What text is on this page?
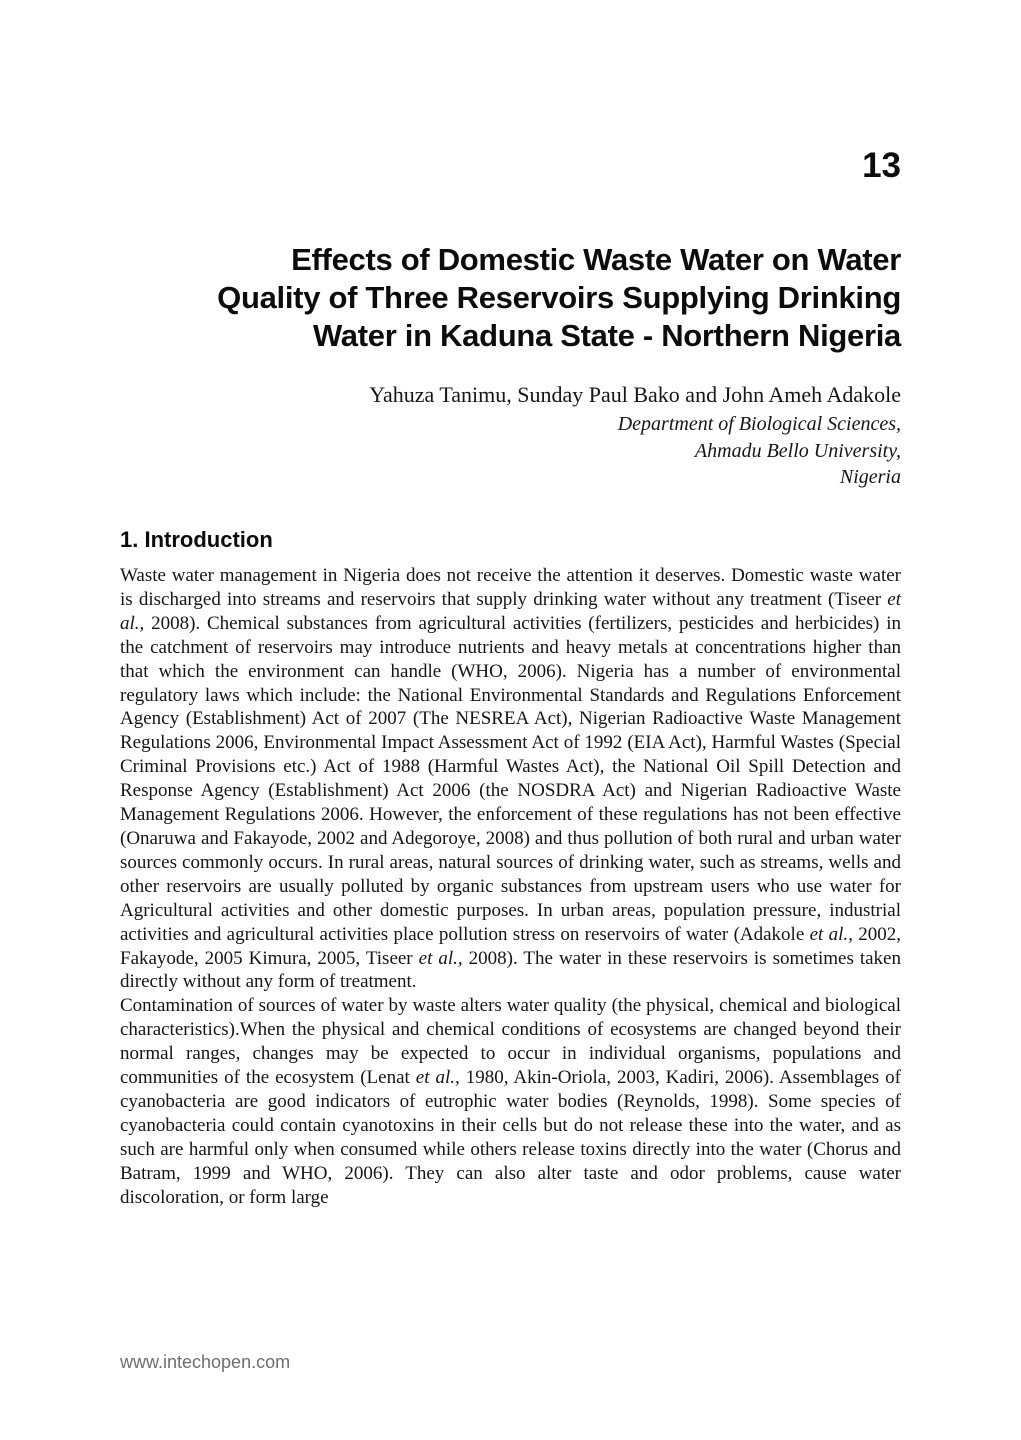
13
Effects of Domestic Waste Water on Water
Quality of Three Reservoirs Supplying Drinking
Water in Kaduna State - Northern Nigeria
Yahuza Tanimu, Sunday Paul Bako and John Ameh Adakole
Department of Biological Sciences,
Ahmadu Bello University,
Nigeria
1. Introduction

Waste water management in Nigeria does not receive the attention it deserves. Domestic waste water is discharged into streams and reservoirs that supply drinking water without any treatment (Tiseer et al., 2008). Chemical substances from agricultural activities (fertilizers, pesticides and herbicides) in the catchment of reservoirs may introduce nutrients and heavy metals at concentrations higher than that which the environment can handle (WHO, 2006). Nigeria has a number of environmental regulatory laws which include: the National Environmental Standards and Regulations Enforcement Agency (Establishment) Act of 2007 (The NESREA Act), Nigerian Radioactive Waste Management Regulations 2006, Environmental Impact Assessment Act of 1992 (EIA Act), Harmful Wastes (Special Criminal Provisions etc.) Act of 1988 (Harmful Wastes Act), the National Oil Spill Detection and Response Agency (Establishment) Act 2006 (the NOSDRA Act) and Nigerian Radioactive Waste Management Regulations 2006. However, the enforcement of these regulations has not been effective (Onaruwa and Fakayode, 2002 and Adegoroye, 2008) and thus pollution of both rural and urban water sources commonly occurs. In rural areas, natural sources of drinking water, such as streams, wells and other reservoirs are usually polluted by organic substances from upstream users who use water for Agricultural activities and other domestic purposes. In urban areas, population pressure, industrial activities and agricultural activities place pollution stress on reservoirs of water (Adakole et al., 2002, Fakayode, 2005 Kimura, 2005, Tiseer et al., 2008). The water in these reservoirs is sometimes taken directly without any form of treatment.

Contamination of sources of water by waste alters water quality (the physical, chemical and biological characteristics).When the physical and chemical conditions of ecosystems are changed beyond their normal ranges, changes may be expected to occur in individual organisms, populations and communities of the ecosystem (Lenat et al., 1980, Akin-Oriola, 2003, Kadiri, 2006). Assemblages of cyanobacteria are good indicators of eutrophic water bodies (Reynolds, 1998). Some species of cyanobacteria could contain cyanotoxins in their cells but do not release these into the water, and as such are harmful only when consumed while others release toxins directly into the water (Chorus and Batram, 1999 and WHO, 2006). They can also alter taste and odor problems, cause water discoloration, or form large

www.intechopen.com
